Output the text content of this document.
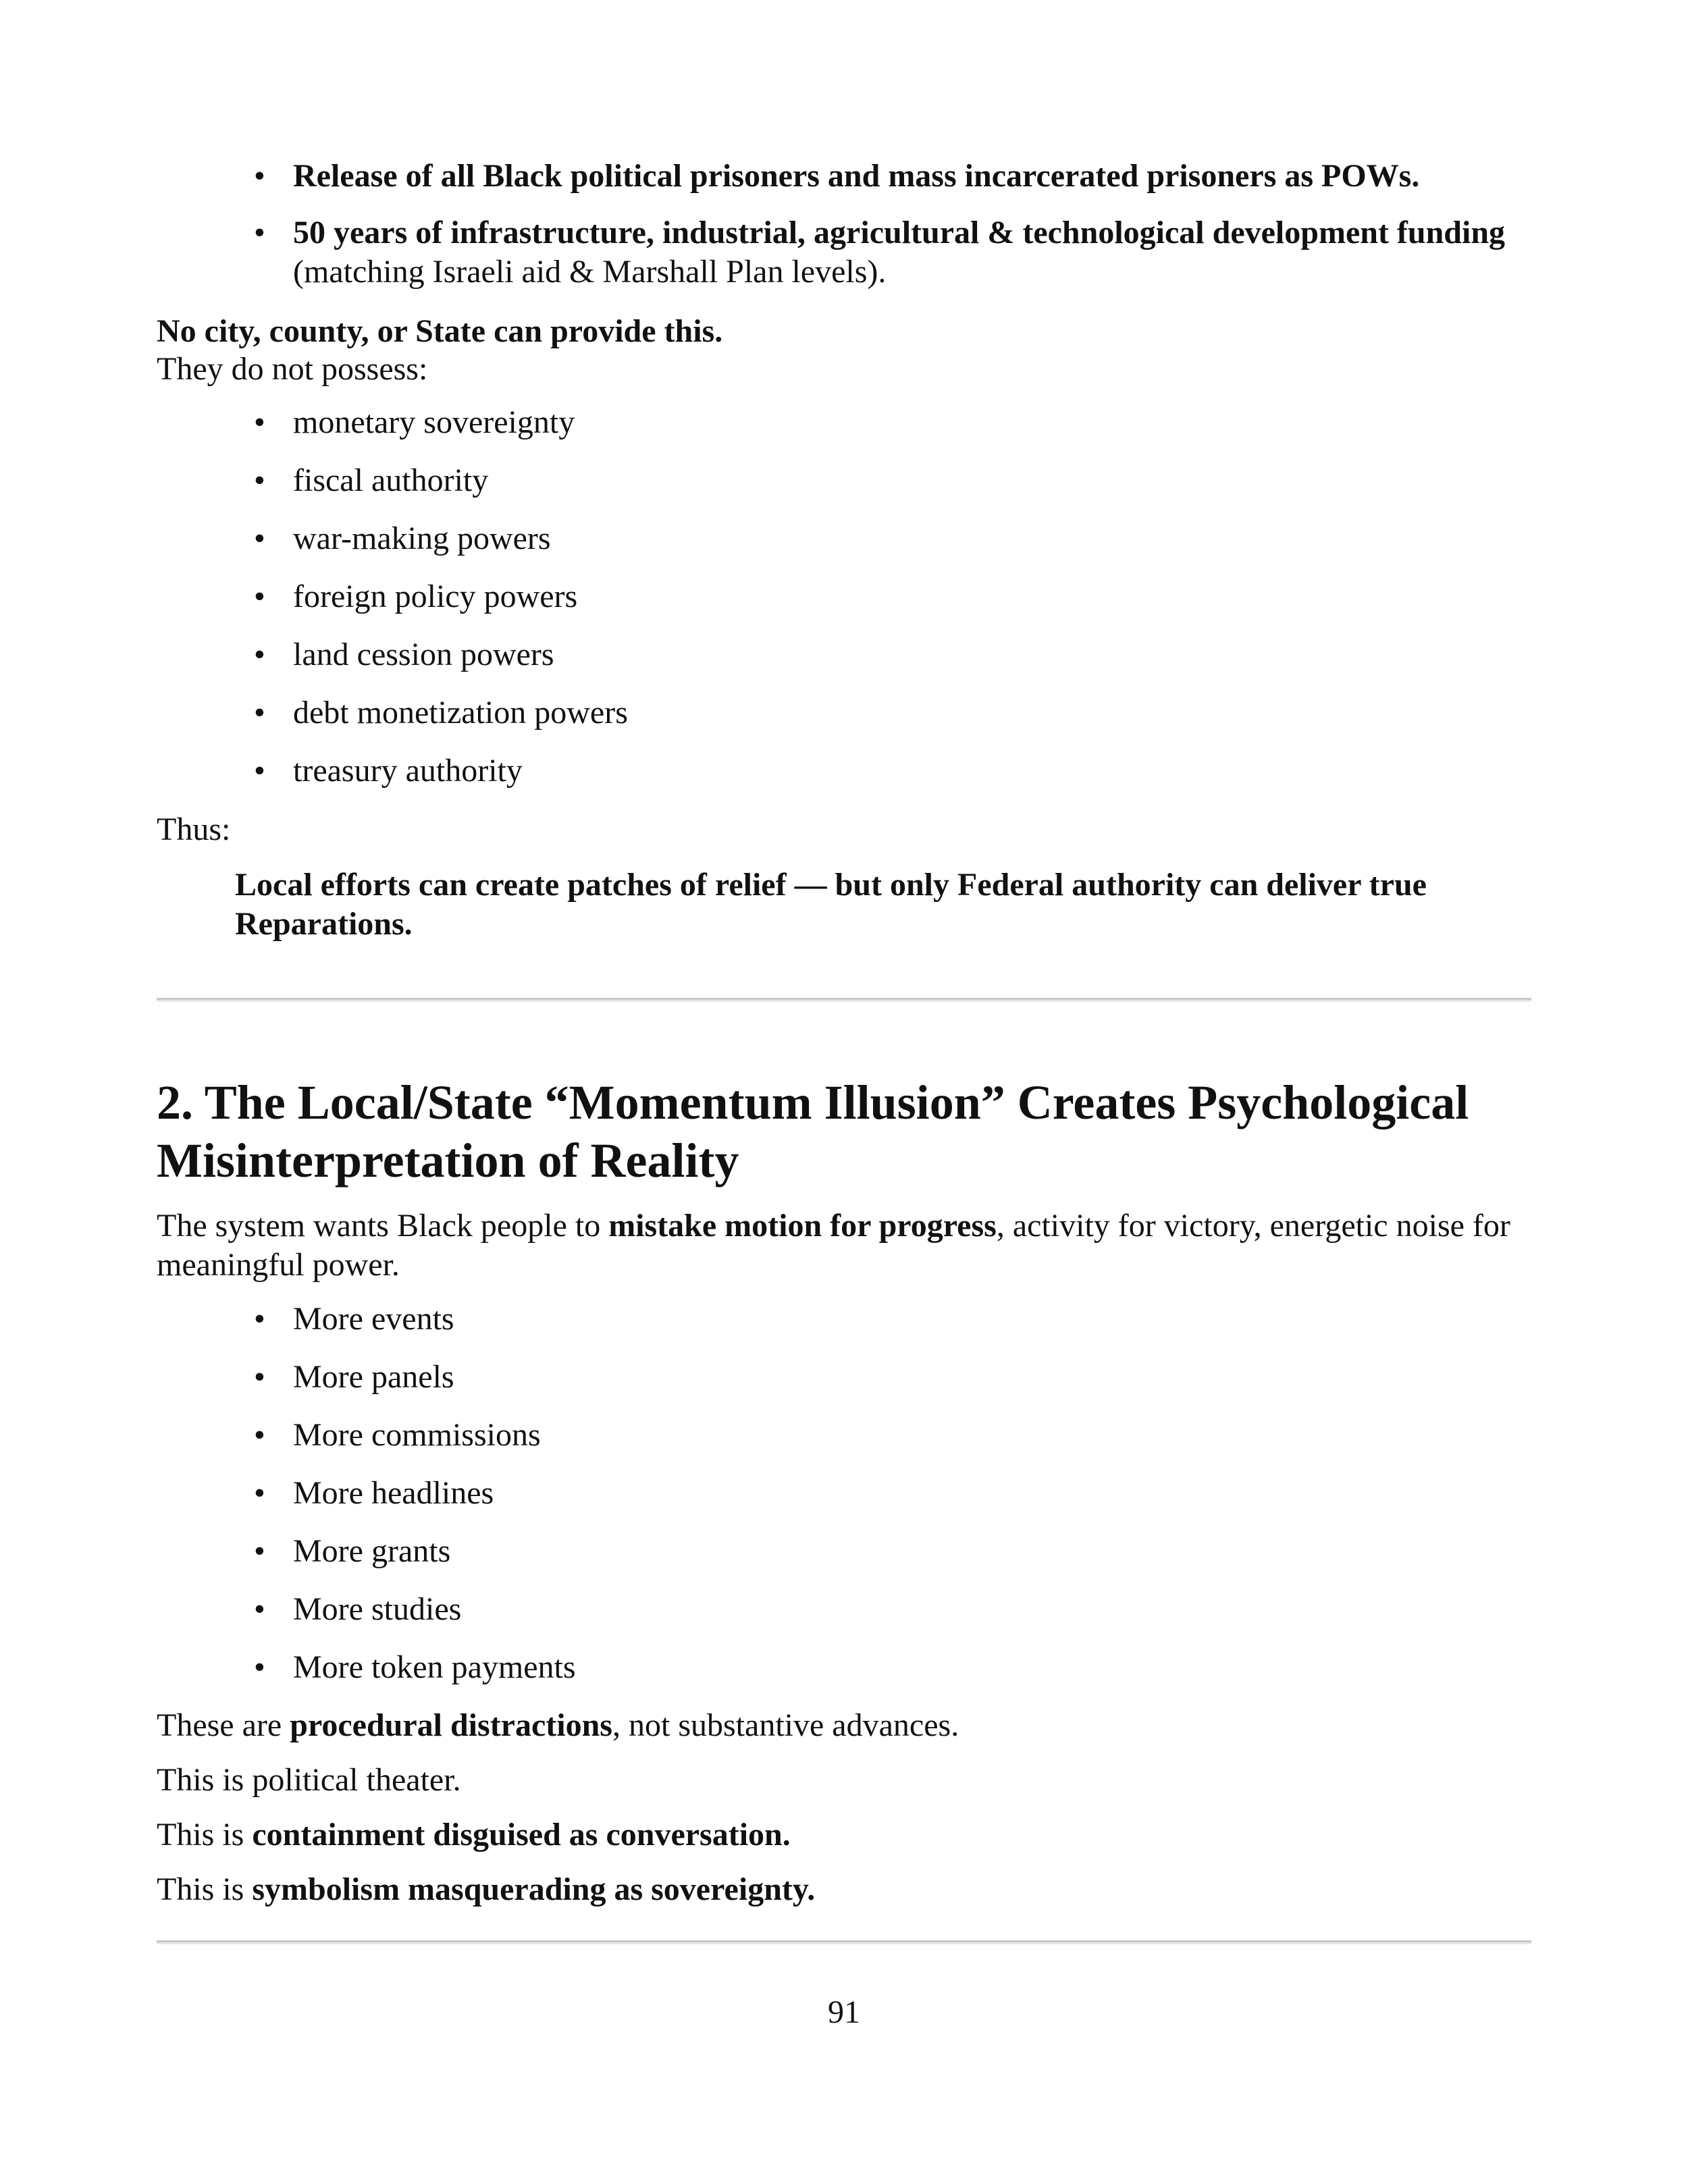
• Release of all Black political prisoners and mass incarcerated prisoners as POWs.
• 50 years of infrastructure, industrial, agricultural & technological development funding
(matching Israeli aid & Marshall Plan levels).
No city, county, or State can provide this.
They do not possess:
• monetary sovereignty
• fiscal authority
• war-making powers
• foreign policy powers
• land cession powers
• debt monetization powers
• treasury authority
Thus:
Local efforts can create patches of relief — but only Federal authority can deliver true Reparations.
2. The Local/State “Momentum Illusion” Creates Psychological Misinterpretation of Reality
The system wants Black people to mistake motion for progress, activity for victory, energetic noise for meaningful power.
• More events
• More panels
• More commissions
• More headlines
• More grants
• More studies
• More token payments
These are procedural distractions, not substantive advances.
This is political theater.
This is containment disguised as conversation.
This is symbolism masquerading as sovereignty.
91
